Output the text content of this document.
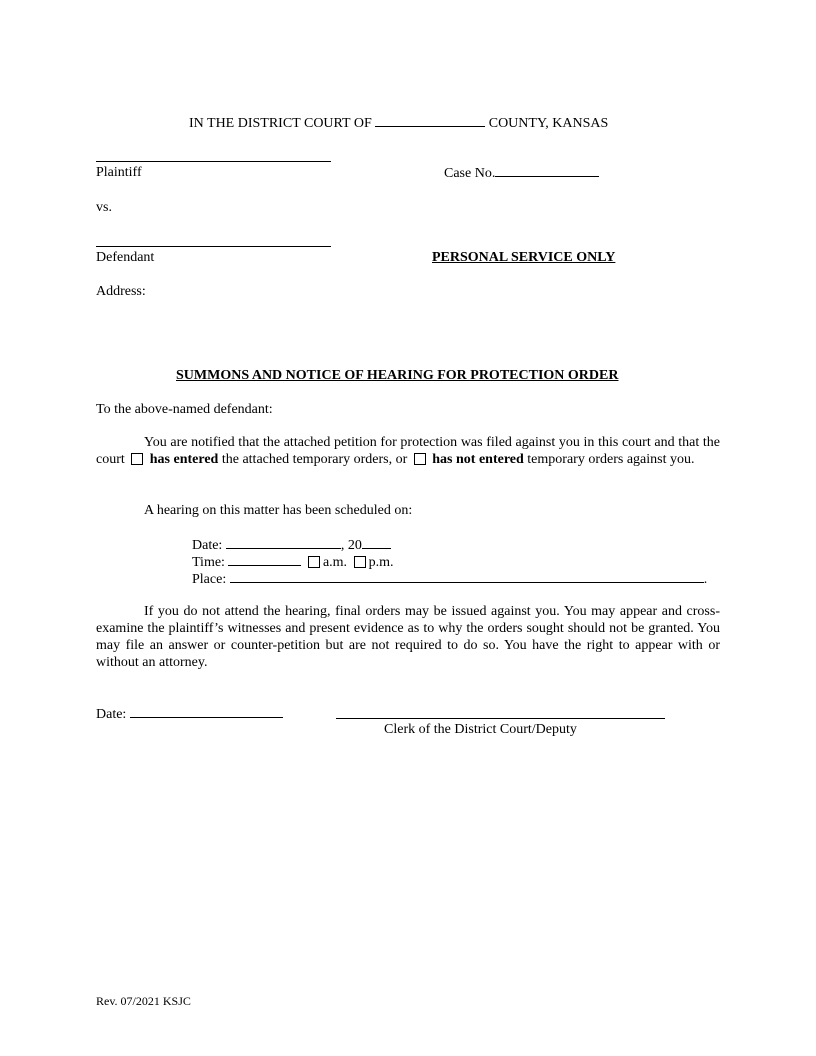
IN THE DISTRICT COURT OF	COUNTY, KANSAS
Plaintiff	Case No.
vs.
Defendant	PERSONAL SERVICE ONLY
Address:
SUMMONS AND NOTICE OF HEARING FOR PROTECTION ORDER
To the above-named defendant:
You are notified that the attached petition for protection was filed against you in this court and that the court has entered the attached temporary orders, or has not entered temporary orders against you.
A hearing on this matter has been scheduled on:
Date:	, 20
Time:	a.m. p.m.
Place:	.
If you do not attend the hearing, final orders may be issued against you. You may appear and cross-examine the plaintiff’s witnesses and present evidence as to why the orders sought should not be granted. You may file an answer or counter-petition but are not required to do so. You have the right to appear with or without an attorney.
Date:
Clerk of the District Court/Deputy
Rev. 07/2021 KSJC
